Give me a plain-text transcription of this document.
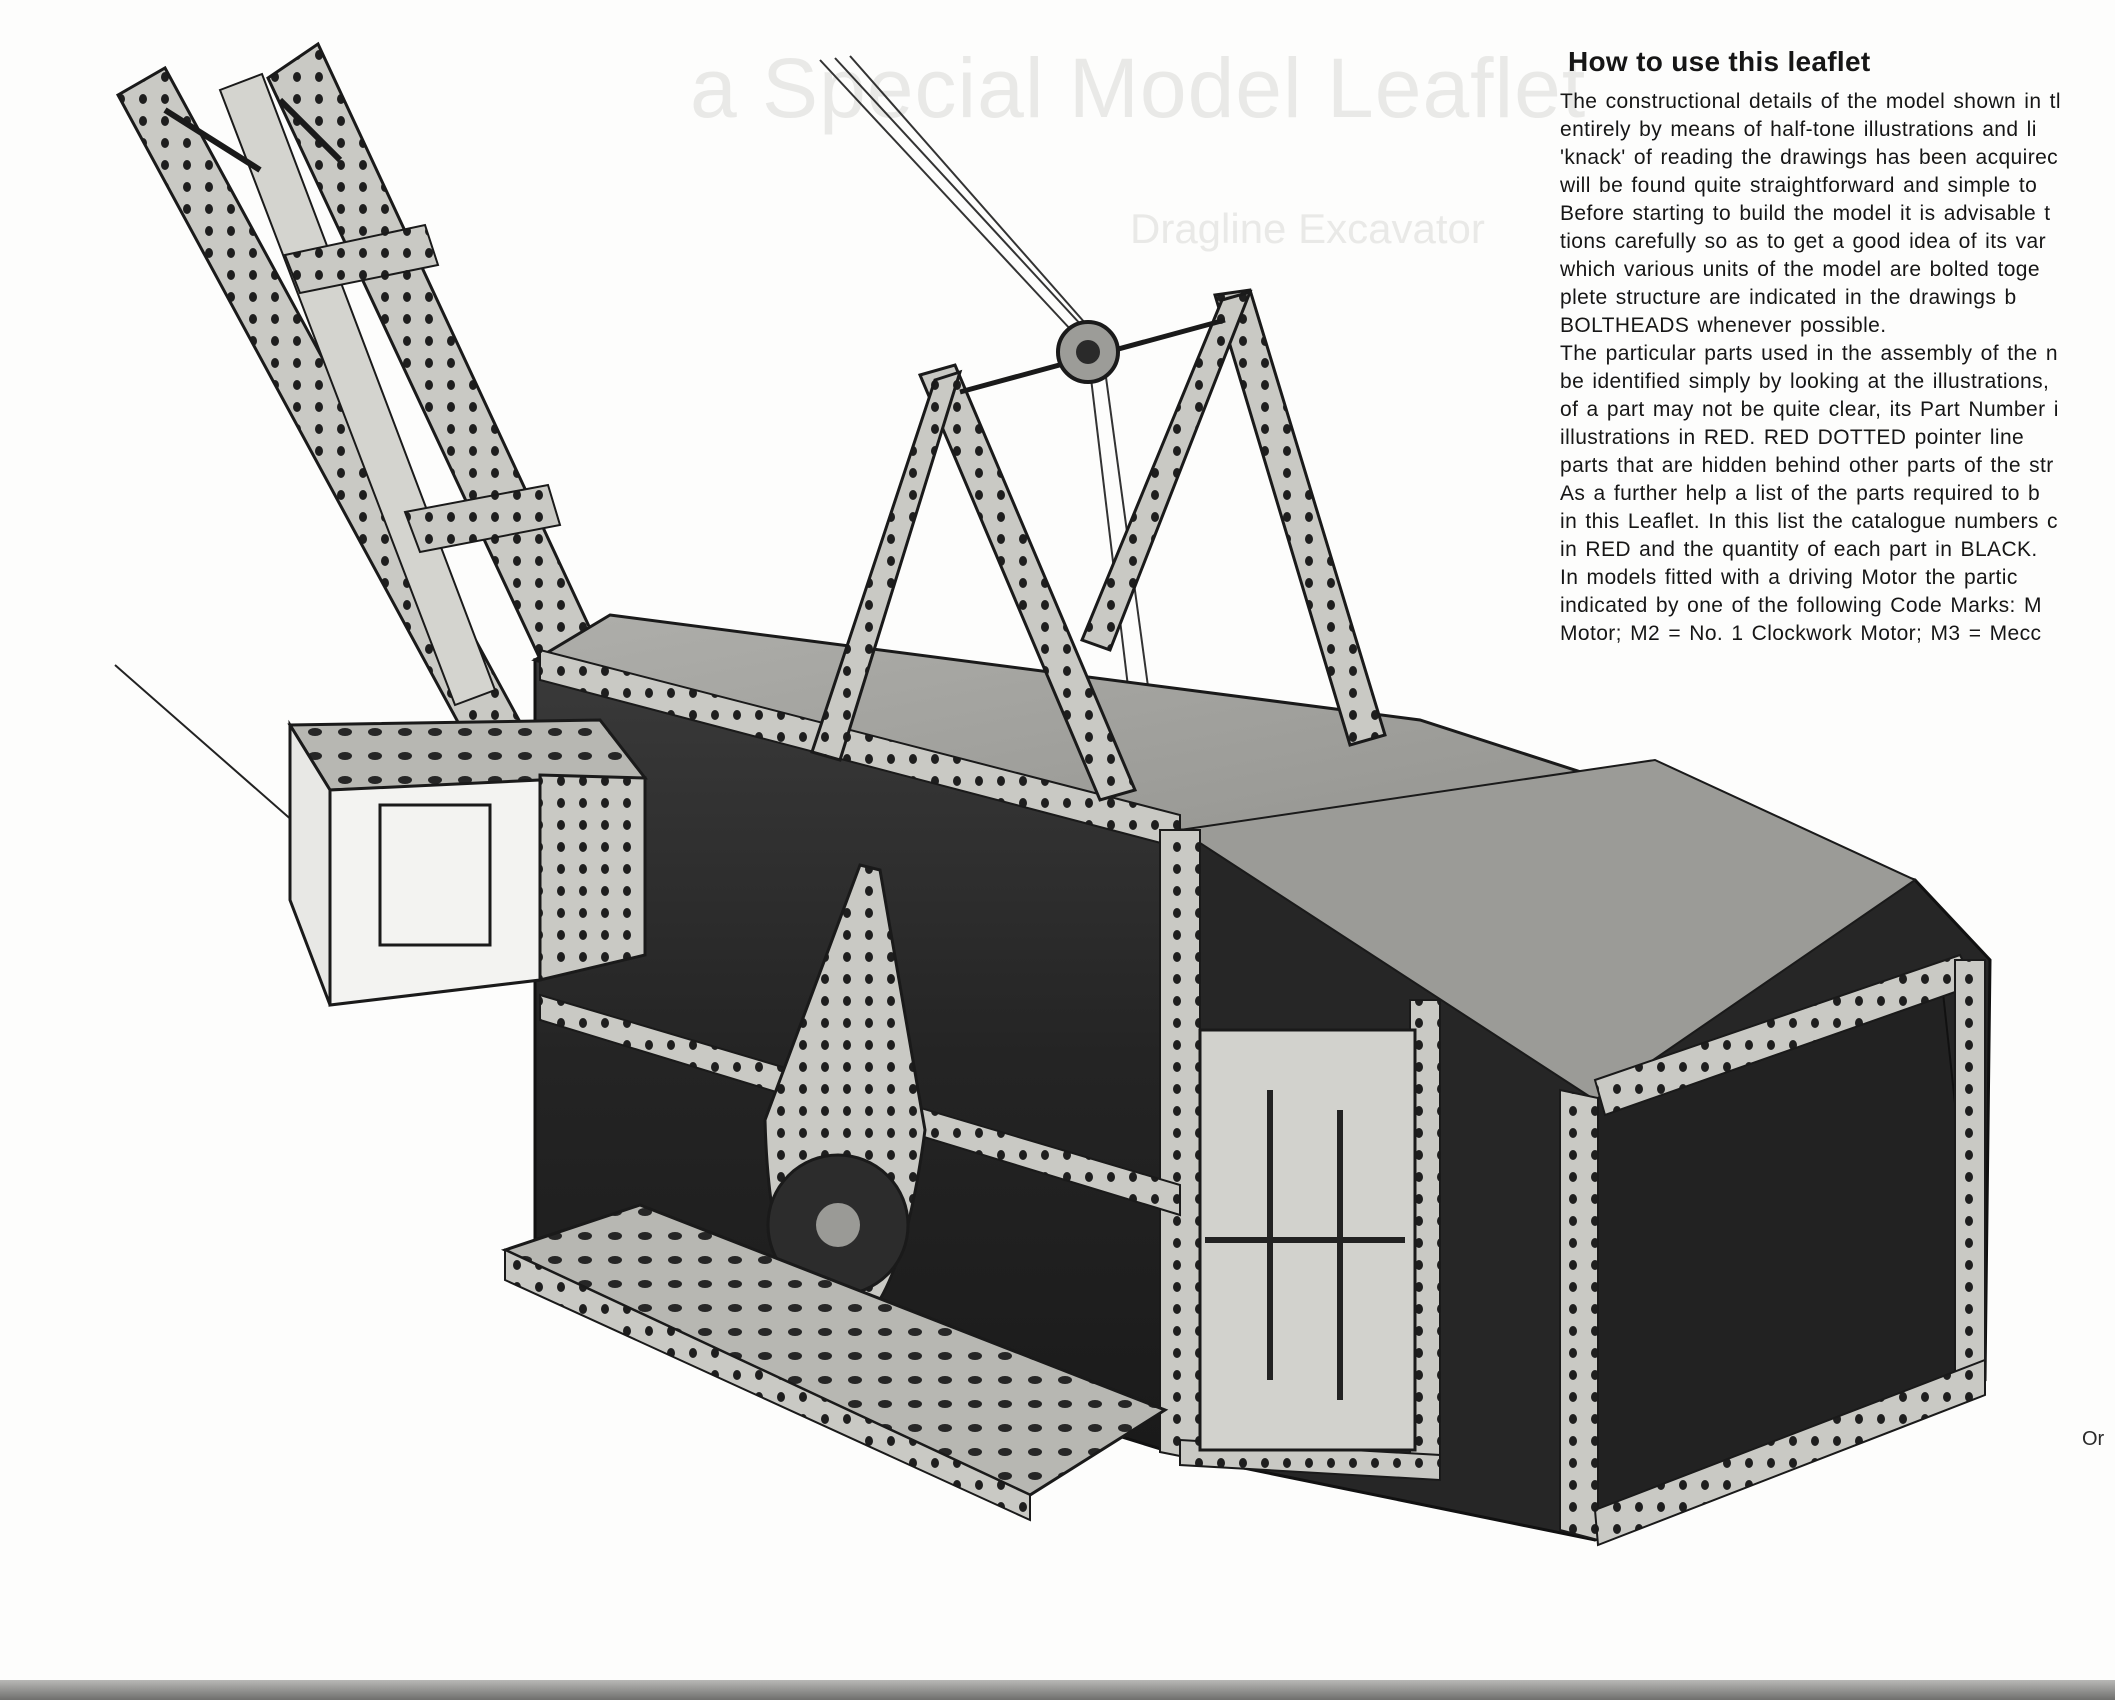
a Special Model Leaflet
Dragline Excavator
How to use this leaflet
The constructional details of the model shown in tl
entirely by means of half-tone illustrations and li
'knack' of reading the drawings has been acquirec
will be found quite straightforward and simple to
Before starting to build the model it is advisable t
tions carefully so as to get a good idea of its var
which various units of the model are bolted toge
plete structure are indicated in the drawings b
BOLTHEADS whenever possible.
The particular parts used in the assembly of the n
be identified simply by looking at the illustrations,
of a part may not be quite clear, its Part Number i
illustrations in RED. RED DOTTED pointer line
parts that are hidden behind other parts of the str
As a further help a list of the parts required to b
in this Leaflet. In this list the catalogue numbers c
in RED and the quantity of each part in BLACK.
In models fitted with a driving Motor the partic
indicated by one of the following Code Marks: M
Motor; M2 = No. 1 Clockwork Motor; M3 = Mecc
Or
